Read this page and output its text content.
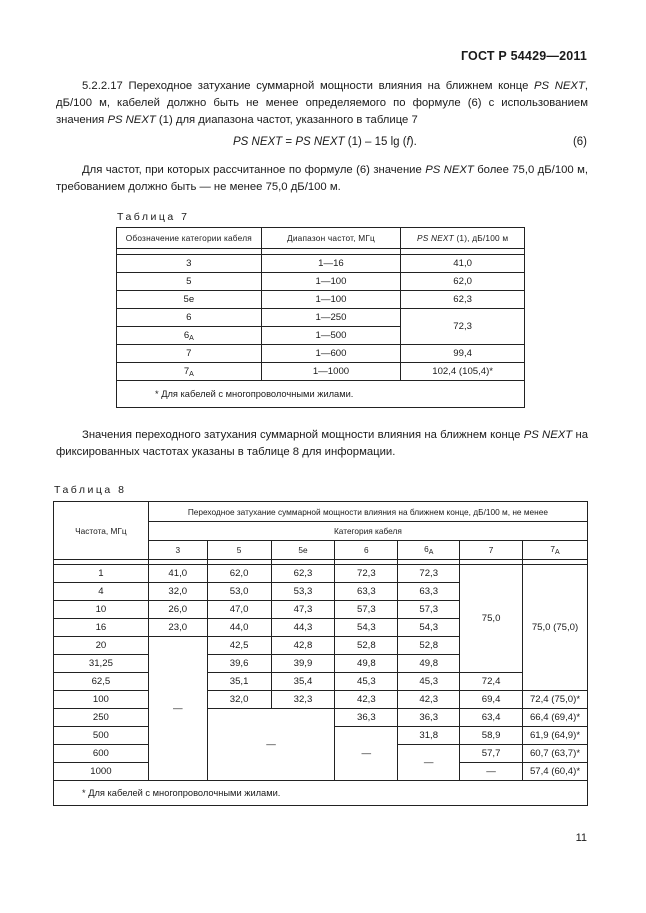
ГОСТ Р 54429—2011
5.2.2.17 Переходное затухание суммарной мощности влияния на ближнем конце PS NEXT, дБ/100 м, кабелей должно быть не менее определяемого по формуле (6) с использованием значения PS NEXT (1) для диапазона частот, указанного в таблице 7
PS NEXT = PS NEXT (1) – 15 lg (f).	(6)
Для частот, при которых рассчитанное по формуле (6) значение PS NEXT более 75,0 дБ/100 м, требованием должно быть — не менее 75,0 дБ/100 м.
Таблица 7
Обозначение категории кабеля	Диапазон частот, МГц	PS NEXT (1), дБ/100 м

3	1—16	41,0
5	1—100	62,0
5e	1—100	62,3
6	1—250	72,3
$6_A$	1—500	
7	1—600	99,4
$7_A$	1—1000	102,4 (105,4)*
* Для кабелей с многопроволочными жилами.		
Значения переходного затухания суммарной мощности влияния на ближнем конце PS NEXT на фиксированных частотах указаны в таблице 8 для информации.
Таблица 8
Частота, МГц	Переходное затухание суммарной мощности влияния на ближнем конце, дБ/100 м, не менее						
	Категория кабеля						
	3	5	5e	6	$6_A$	7	$7_A$

1	41,0	62,0	62,3	72,3	72,3	75,0	75,0 (75,0)
4	32,0	53,0	53,3	63,3	63,3		
10	26,0	47,0	47,3	57,3	57,3		
16	23,0	44,0	44,3	54,3	54,3		
20	—	42,5	42,8	52,8	52,8		
31,25		39,6	39,9	49,8	49,8		
62,5		35,1	35,4	45,3	45,3	72,4	
100		32,0	32,3	42,3	42,3	69,4	72,4 (75,0)*
250		—		36,3	36,3	63,4	66,4 (69,4)*
500				—	31,8	58,9	61,9 (64,9)*
600					—	57,7	60,7 (63,7)*
1000						—	57,4 (60,4)*
* Для кабелей с многопроволочными жилами.							
11
